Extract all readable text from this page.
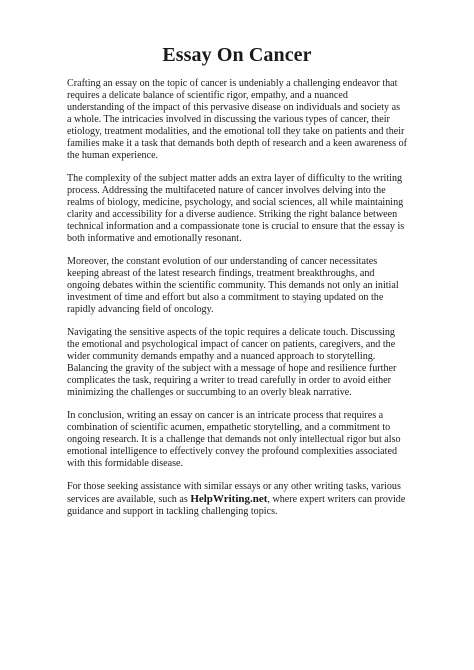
Essay On Cancer

Crafting an essay on the topic of cancer is undeniably a challenging endeavor that requires a delicate balance of scientific rigor, empathy, and a nuanced understanding of the impact of this pervasive disease on individuals and society as a whole. The intricacies involved in discussing the various types of cancer, their etiology, treatment modalities, and the emotional toll they take on patients and their families make it a task that demands both depth of research and a keen awareness of the human experience.

The complexity of the subject matter adds an extra layer of difficulty to the writing process. Addressing the multifaceted nature of cancer involves delving into the realms of biology, medicine, psychology, and social sciences, all while maintaining clarity and accessibility for a diverse audience. Striking the right balance between technical information and a compassionate tone is crucial to ensure that the essay is both informative and emotionally resonant.

Moreover, the constant evolution of our understanding of cancer necessitates keeping abreast of the latest research findings, treatment breakthroughs, and ongoing debates within the scientific community. This demands not only an initial investment of time and effort but also a commitment to staying updated on the rapidly advancing field of oncology.

Navigating the sensitive aspects of the topic requires a delicate touch. Discussing the emotional and psychological impact of cancer on patients, caregivers, and the wider community demands empathy and a nuanced approach to storytelling. Balancing the gravity of the subject with a message of hope and resilience further complicates the task, requiring a writer to tread carefully in order to avoid either minimizing the challenges or succumbing to an overly bleak narrative.

In conclusion, writing an essay on cancer is an intricate process that requires a combination of scientific acumen, empathetic storytelling, and a commitment to ongoing research. It is a challenge that demands not only intellectual rigor but also emotional intelligence to effectively convey the profound complexities associated with this formidable disease.

For those seeking assistance with similar essays or any other writing tasks, various services are available, such as HelpWriting.net, where expert writers can provide guidance and support in tackling challenging topics.
